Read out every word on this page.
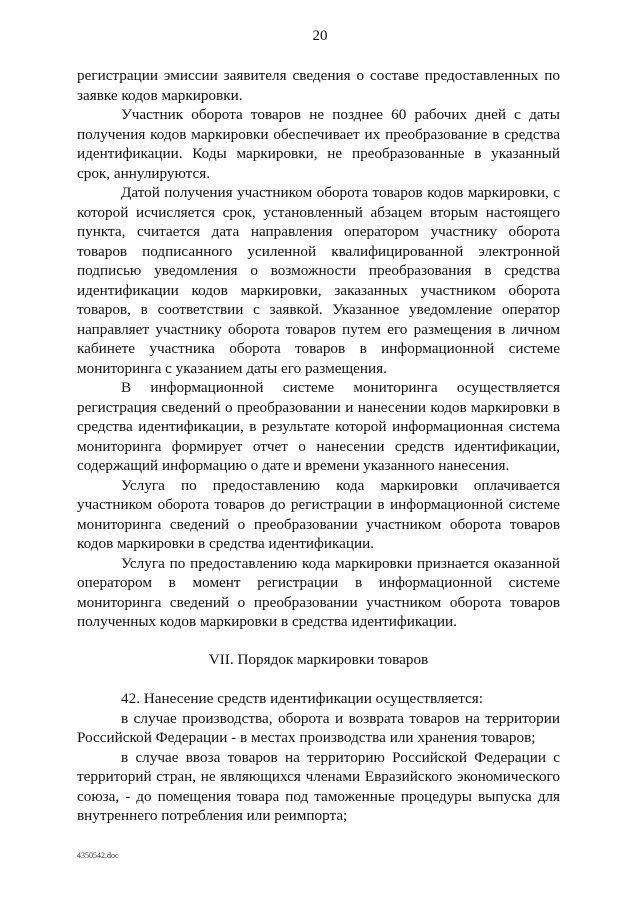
20

регистрации эмиссии заявителя сведения о составе предоставленных по заявке кодов маркировки.

Участник оборота товаров не позднее 60 рабочих дней с даты получения кодов маркировки обеспечивает их преобразование в средства идентификации. Коды маркировки, не преобразованные в указанный срок, аннулируются.

Датой получения участником оборота товаров кодов маркировки, с которой исчисляется срок, установленный абзацем вторым настоящего пункта, считается дата направления оператором участнику оборота товаров подписанного усиленной квалифицированной электронной подписью уведомления о возможности преобразования в средства идентификации кодов маркировки, заказанных участником оборота товаров, в соответствии с заявкой. Указанное уведомление оператор направляет участнику оборота товаров путем его размещения в личном кабинете участника оборота товаров в информационной системе мониторинга с указанием даты его размещения.

В информационной системе мониторинга осуществляется регистрация сведений о преобразовании и нанесении кодов маркировки в средства идентификации, в результате которой информационная система мониторинга формирует отчет о нанесении средств идентификации, содержащий информацию о дате и времени указанного нанесения.

Услуга по предоставлению кода маркировки оплачивается участником оборота товаров до регистрации в информационной системе мониторинга сведений о преобразовании участником оборота товаров кодов маркировки в средства идентификации.

Услуга по предоставлению кода маркировки признается оказанной оператором в момент регистрации в информационной системе мониторинга сведений о преобразовании участником оборота товаров полученных кодов маркировки в средства идентификации.

VII. Порядок маркировки товаров

42. Нанесение средств идентификации осуществляется:

в случае производства, оборота и возврата товаров на территории Российской Федерации - в местах производства или хранения товаров;

в случае ввоза товаров на территорию Российской Федерации с территорий стран, не являющихся членами Евразийского экономического союза, - до помещения товара под таможенные процедуры выпуска для внутреннего потребления или реимпорта;

4350542.doc
